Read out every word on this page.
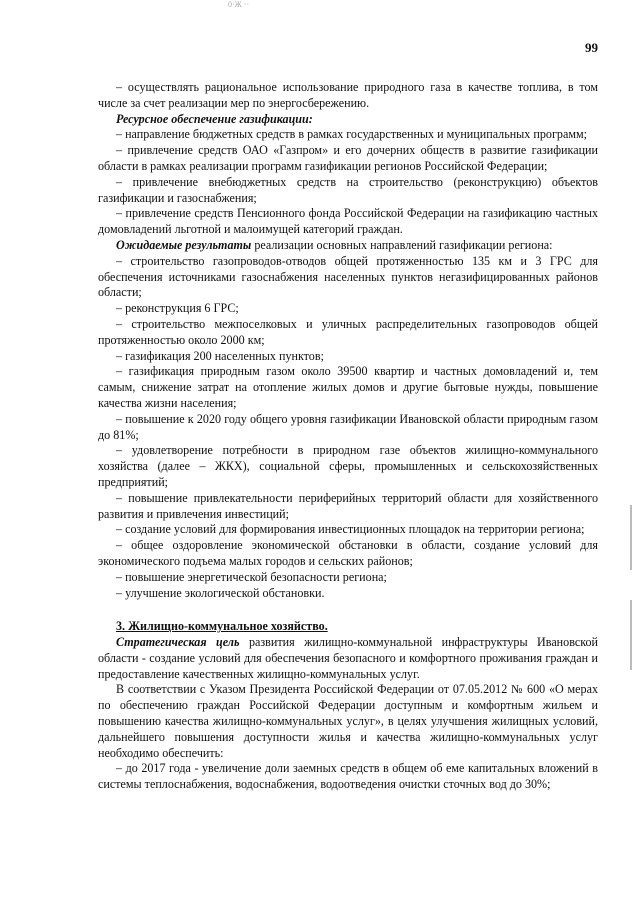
0·Ж ··
99

– осуществлять рациональное использование природного газа в качестве топлива, в том числе за счет реализации мер по энергосбережению.

Ресурсное обеспечение газификации:

– направление бюджетных средств в рамках государственных и муниципальных программ;

– привлечение средств ОАО «Газпром» и его дочерних обществ в развитие газификации области в рамках реализации программ газификации регионов Российской Федерации;

– привлечение внебюджетных средств на строительство (реконструкцию) объектов газификации и газоснабжения;

– привлечение средств Пенсионного фонда Российской Федерации на газификацию частных домовладений льготной и малоимущей категорий граждан.

Ожидаемые результаты реализации основных направлений газификации региона:

– строительство газопроводов-отводов общей протяженностью 135 км и 3 ГРС для обеспечения источниками газоснабжения населенных пунктов негазифицированных районов области;

– реконструкция 6 ГРС;

– строительство межпоселковых и уличных распределительных газопроводов общей протяженностью около 2000 км;

– газификация 200 населенных пунктов;

– газификация природным газом около 39500 квартир и частных домовладений и, тем самым, снижение затрат на отопление жилых домов и другие бытовые нужды, повышение качества жизни населения;

– повышение к 2020 году общего уровня газификации Ивановской области природным газом до 81%;

– удовлетворение потребности в природном газе объектов жилищно-коммунального хозяйства (далее – ЖКХ), социальной сферы, промышленных и сельскохозяйственных предприятий;

– повышение привлекательности периферийных территорий области для хозяйственного развития и привлечения инвестиций;

– создание условий для формирования инвестиционных площадок на территории региона;

– общее оздоровление экономической обстановки в области, создание условий для экономического подъема малых городов и сельских районов;

– повышение энергетической безопасности региона;

– улучшение экологической обстановки.

3. Жилищно-коммунальное хозяйство.

Стратегическая цель развития жилищно-коммунальной инфраструктуры Ивановской области - создание условий для обеспечения безопасного и комфортного проживания граждан и предоставление качественных жилищно-коммунальных услуг.

В соответствии с Указом Президента Российской Федерации от 07.05.2012 № 600 «О мерах по обеспечению граждан Российской Федерации доступным и комфортным жильем и повышению качества жилищно-коммунальных услуг», в целях улучшения жилищных условий, дальнейшего повышения доступности жилья и качества жилищно-коммунальных услуг необходимо обеспечить:

– до 2017 года - увеличение доли заемных средств в общем об еме капитальных вложений в системы теплоснабжения, водоснабжения, водоотведения очистки сточных вод до 30%;
